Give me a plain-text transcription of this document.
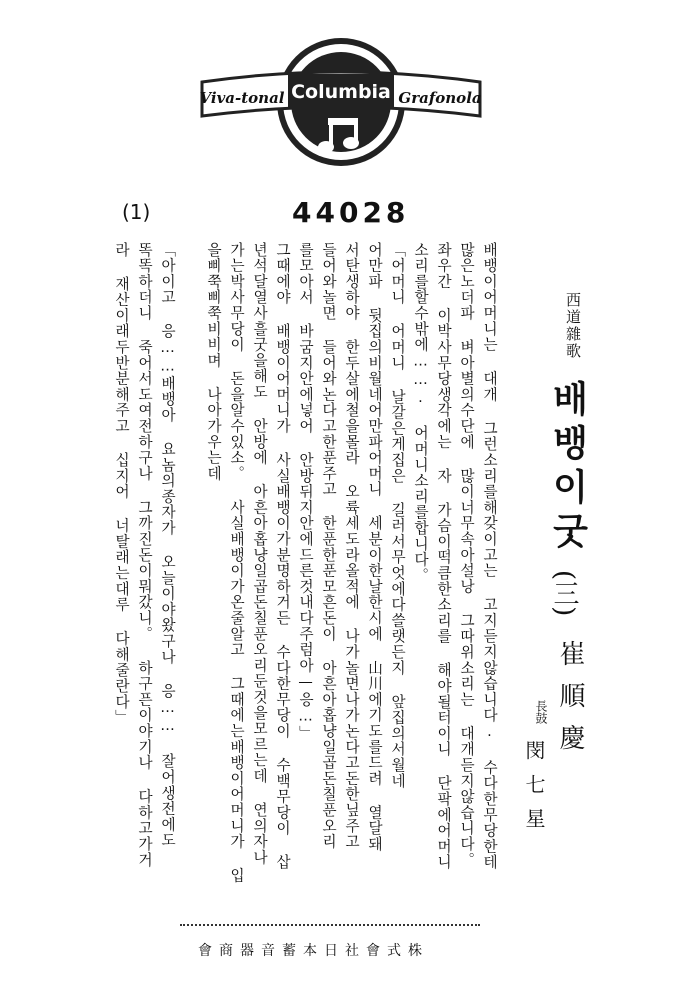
Viva-tonal Columbia Grafonola
(1)	44028
西道雜歌
배뱅이굿
(三)
崔順慶
長鼓
閔七星
배뱅이어머니는 대개 그런소리를해갖이고는 고지듣지않습니다. 수다한무당한테
많은노더파 벼아별의수단에 많이너무속아설낭 그따위소리는 대개듣지않습니다。
좌우간 이박사무당생각에는 자 가슴이떡큼한소리를 해야될터이니 단팍에어머니
소리를할수밖에……. 어머니소리를합니다。
「어머니 어머니 날갈은게집은 길러서무엇에다쓸랫든지 앞집의서월네
어만파 뒷집의비월네어만파어머니 세분이한날한시에 山川에기도를드려 열달돼
서탄생하야 한두살에철을몰라 오륙세도라올적에 나가놀면나가논다고돈한닢주고
들어와놀면 들어와논다고한푼주고 한푼한푼모흔돈이 아흔아홉냥일곱돈칠푼오리
를모아서 바굼지안에넣어 안방뒤지안에드른것내다주럼아—응…」
그때에야 배뱅이어머니가 사실배뱅이가분명하거든 수다한무당이 수백무당이 삽
년석달열사흘굿을해도 안방에 아흔아홉냥일곱돈칠푼오리둔것을모르는데 연의자나
가는박사무당이 돈을알수있소。 사실배뱅이가온줄알고 그때에는배뱅이어머니가 입
을삐쭉삐쭉비비며 나아가우는데
「아이고 응……배뱅아 요놈의종자가 오늘이야왔구나 응…… 잘어생전에도
똑똑하더니 죽어서도여전하구나 그까진돈이뭐갔니。 하구픈이야기나 다하고가거
라 재산이래두반분해주고 십지어 너탈래는대루 다해줄란다」
株式會社日本蓄音器商會
